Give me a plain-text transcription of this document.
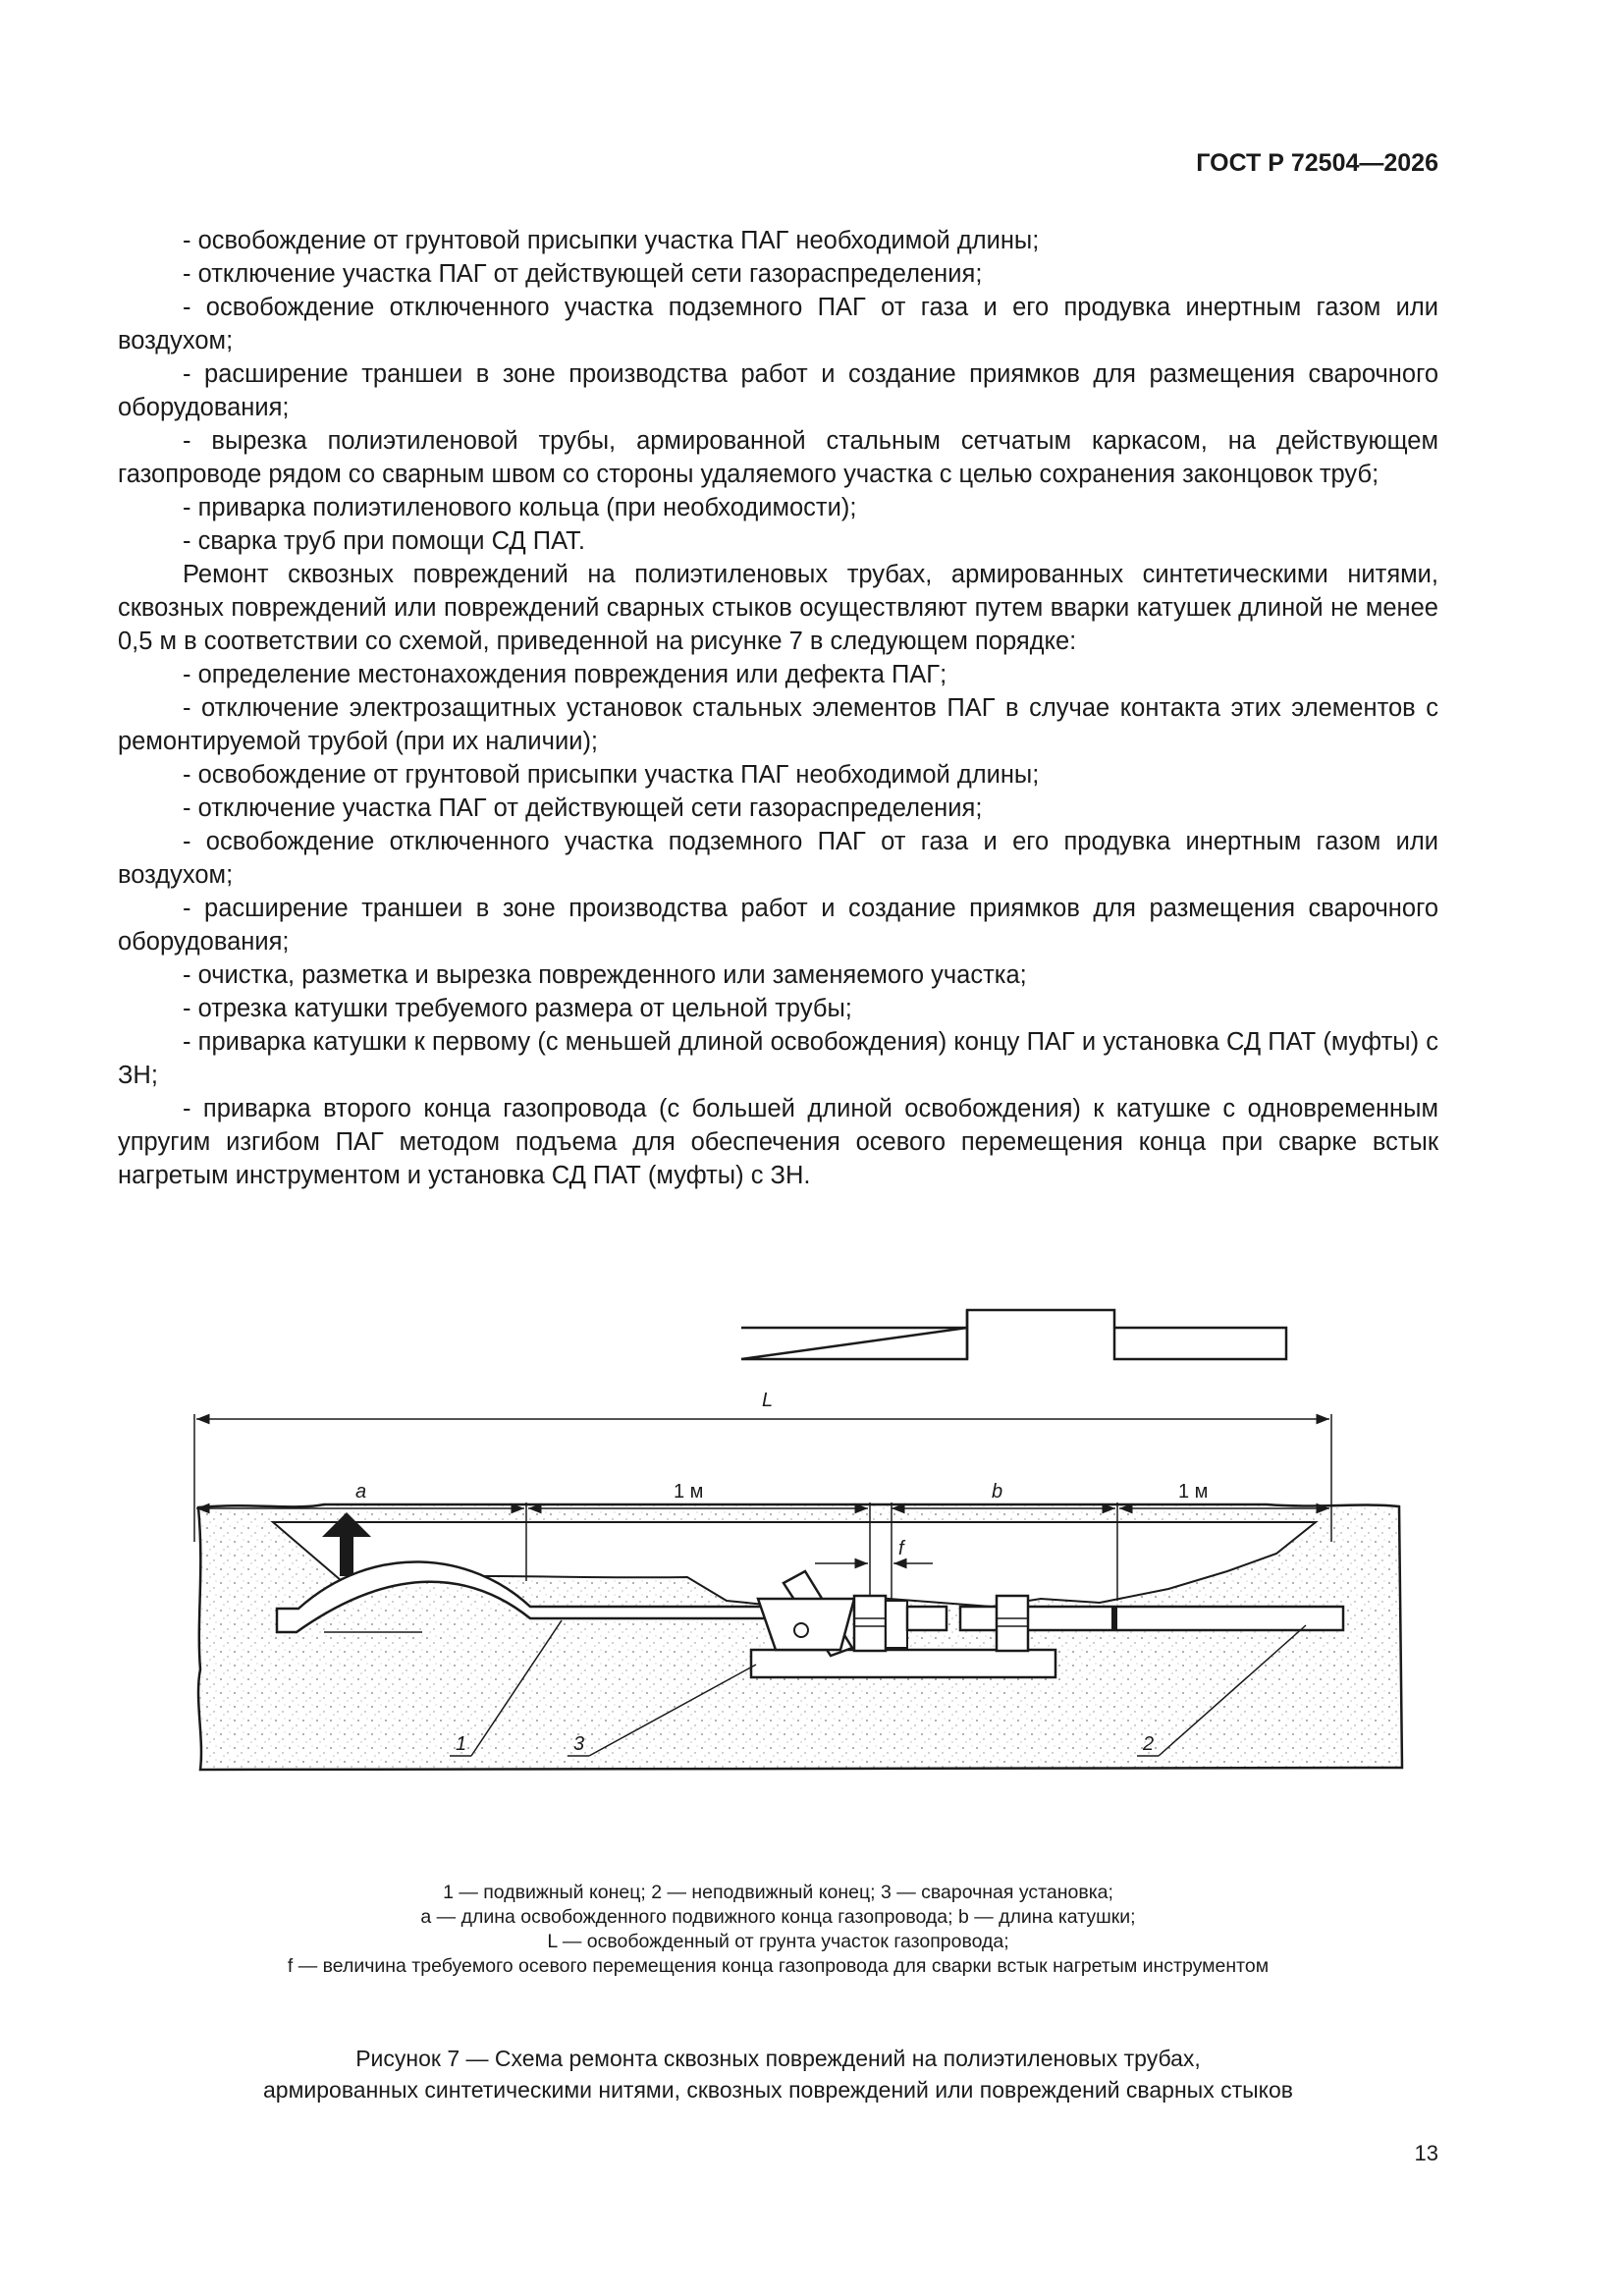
ГОСТ Р 72504—2026

- освобождение от грунтовой присыпки участка ПАГ необходимой длины;

- отключение участка ПАГ от действующей сети газораспределения;

- освобождение отключенного участка подземного ПАГ от газа и его продувка инертным газом или воздухом;

- расширение траншеи в зоне производства работ и создание приямков для размещения сварочного оборудования;

- вырезка полиэтиленовой трубы, армированной стальным сетчатым каркасом, на действующем газопроводе рядом со сварным швом со стороны удаляемого участка с целью сохранения законцовок труб;

- приварка полиэтиленового кольца (при необходимости);

- сварка труб при помощи СД ПАТ.

Ремонт сквозных повреждений на полиэтиленовых трубах, армированных синтетическими нитями, сквозных повреждений или повреждений сварных стыков осуществляют путем вварки катушек длиной не менее 0,5 м в соответствии со схемой, приведенной на рисунке 7 в следующем порядке:

- определение местонахождения повреждения или дефекта ПАГ;

- отключение электрозащитных установок стальных элементов ПАГ в случае контакта этих элементов с ремонтируемой трубой (при их наличии);

- освобождение от грунтовой присыпки участка ПАГ необходимой длины;

- отключение участка ПАГ от действующей сети газораспределения;

- освобождение отключенного участка подземного ПАГ от газа и его продувка инертным газом или воздухом;

- расширение траншеи в зоне производства работ и создание приямков для размещения сварочного оборудования;

- очистка, разметка и вырезка поврежденного или заменяемого участка;

- отрезка катушки требуемого размера от цельной трубы;

- приварка катушки к первому (с меньшей длиной освобождения) концу ПАГ и установка СД ПАТ (муфты) с ЗН;

- приварка второго конца газопровода (с большей длиной освобождения) к катушке с одновременным упругим изгибом ПАГ методом подъема для обеспечения осевого перемещения конца при сварке встык нагретым инструментом и установка СД ПАТ (муфты) с ЗН.

L
a	1 м	b	1 м
f
1	3	2

1 — подвижный конец; 2 — неподвижный конец; 3 — сварочная установка;

a — длина освобожденного подвижного конца газопровода; b — длина катушки;

L — освобожденный от грунта участок газопровода;

f — величина требуемого осевого перемещения конца газопровода для сварки встык нагретым инструментом

Рисунок 7 — Схема ремонта сквозных повреждений на полиэтиленовых трубах,

армированных синтетическими нитями, сквозных повреждений или повреждений сварных стыков

13
